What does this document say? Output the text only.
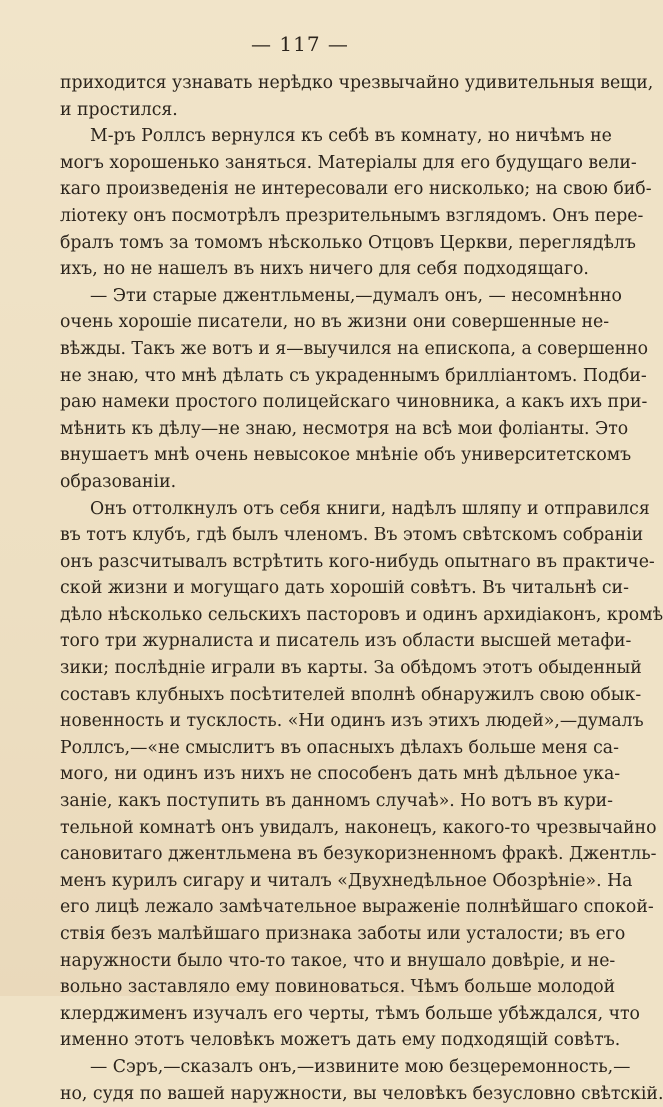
— 117 —
приходится узнавать нерѣдко чрезвычайно удивительныя вещи,
и простился.
М-ръ Роллсъ вернулся къ себѣ въ комнату, но ничѣмъ не
могъ хорошенько заняться. Матеріалы для его будущаго вели-
каго произведенія не интересовали его нисколько; на свою биб-
ліотеку онъ посмотрѣлъ презрительнымъ взглядомъ. Онъ пере-
бралъ томъ за томомъ нѣсколько Отцовъ Церкви, переглядѣлъ
ихъ, но не нашелъ въ нихъ ничего для себя подходящаго.
— Эти старые джентльмены,—думалъ онъ, — несомнѣнно
очень хорошіе писатели, но въ жизни они совершенные не-
вѣжды. Такъ же вотъ и я—выучился на епископа, а совершенно
не знаю, что мнѣ дѣлать съ украденнымъ брилліантомъ. Подби-
раю намеки простого полицейскаго чиновника, а какъ ихъ при-
мѣнить къ дѣлу—не знаю, несмотря на всѣ мои фоліанты. Это
внушаетъ мнѣ очень невысокое мнѣніе объ университетскомъ
образованіи.
Онъ оттолкнулъ отъ себя книги, надѣлъ шляпу и отправился
въ тотъ клубъ, гдѣ былъ членомъ. Въ этомъ свѣтскомъ собраніи
онъ разсчитывалъ встрѣтить кого-нибудь опытнаго въ практиче-
ской жизни и могущаго дать хорошій совѣтъ. Въ читальнѣ си-
дѣло нѣсколько сельскихъ пасторовъ и одинъ архидіаконъ, кромѣ
того три журналиста и писатель изъ области высшей метафи-
зики; послѣдніе играли въ карты. За обѣдомъ этотъ обыденный
составъ клубныхъ посѣтителей вполнѣ обнаружилъ свою обык-
новенность и тусклость. «Ни одинъ изъ этихъ людей»,—думалъ
Роллсъ,—«не смыслитъ въ опасныхъ дѣлахъ больше меня са-
мого, ни одинъ изъ нихъ не способенъ дать мнѣ дѣльное ука-
заніе, какъ поступить въ данномъ случаѣ». Но вотъ въ кури-
тельной комнатѣ онъ увидалъ, наконецъ, какого-то чрезвычайно
сановитаго джентльмена въ безукоризненномъ фракѣ. Джентль-
менъ курилъ сигару и читалъ «Двухнедѣльное Обозрѣніе». На
его лицѣ лежало замѣчательное выраженіе полнѣйшаго спокой-
ствія безъ малѣйшаго признака заботы или усталости; въ его
наружности было что-то такое, что и внушало довѣріе, и не-
вольно заставляло ему повиноваться. Чѣмъ больше молодой
клерджименъ изучалъ его черты, тѣмъ больше убѣждался, что
именно этотъ человѣкъ можетъ дать ему подходящій совѣтъ.
— Сэръ,—сказалъ онъ,—извините мою безцеремонность,—
но, судя по вашей наружности, вы человѣкъ безусловно свѣтскій.
